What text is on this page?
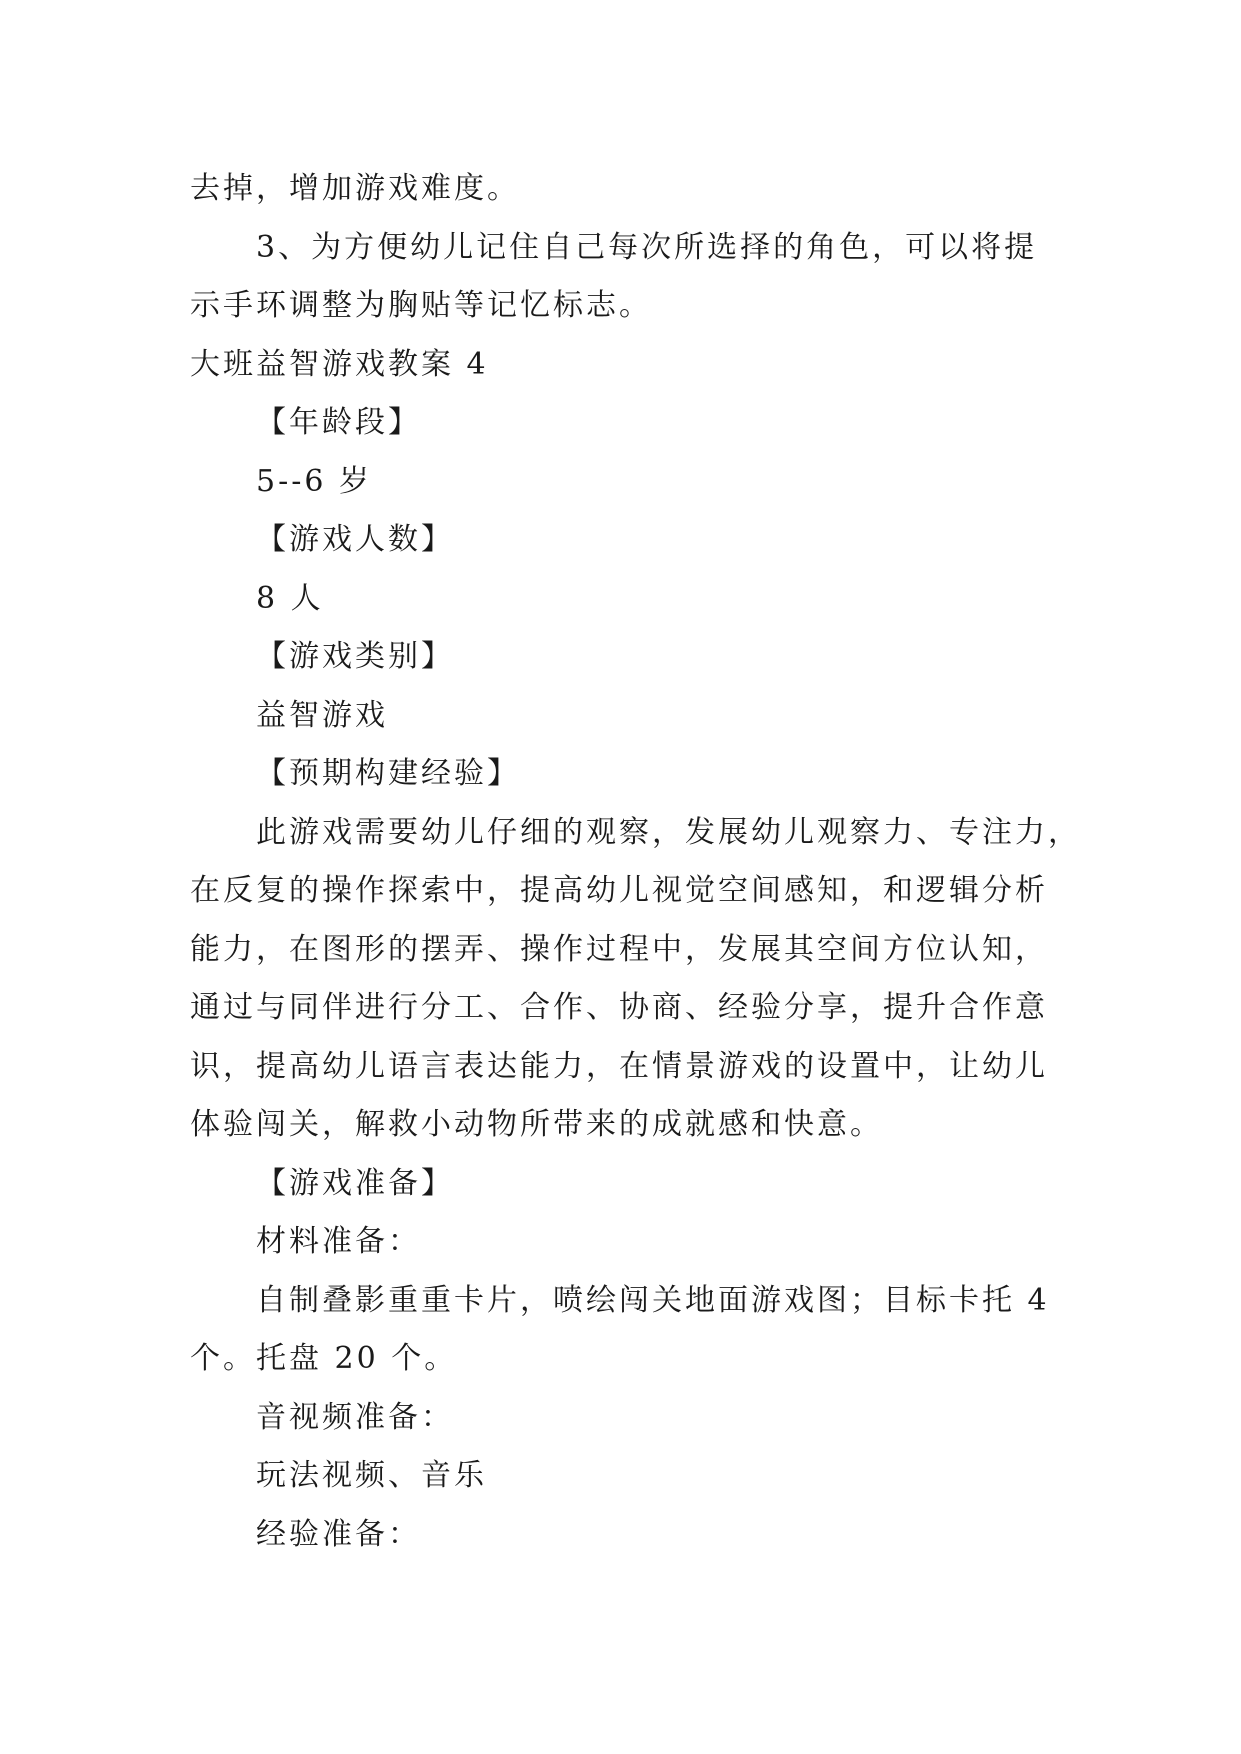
去掉，增加游戏难度。

3、为方便幼儿记住自己每次所选择的角色，可以将提

示手环调整为胸贴等记忆标志。

大班益智游戏教案 4

【年龄段】

5--6 岁

【游戏人数】

8 人

【游戏类别】

益智游戏

【预期构建经验】

此游戏需要幼儿仔细的观察，发展幼儿观察力、专注力，

在反复的操作探索中，提高幼儿视觉空间感知，和逻辑分析

能力，在图形的摆弄、操作过程中，发展其空间方位认知，

通过与同伴进行分工、合作、协商、经验分享，提升合作意

识，提高幼儿语言表达能力，在情景游戏的设置中，让幼儿

体验闯关，解救小动物所带来的成就感和快意。

【游戏准备】

材料准备：

自制叠影重重卡片，喷绘闯关地面游戏图；目标卡托 4

个。托盘 20 个。

音视频准备：

玩法视频、音乐

经验准备：
